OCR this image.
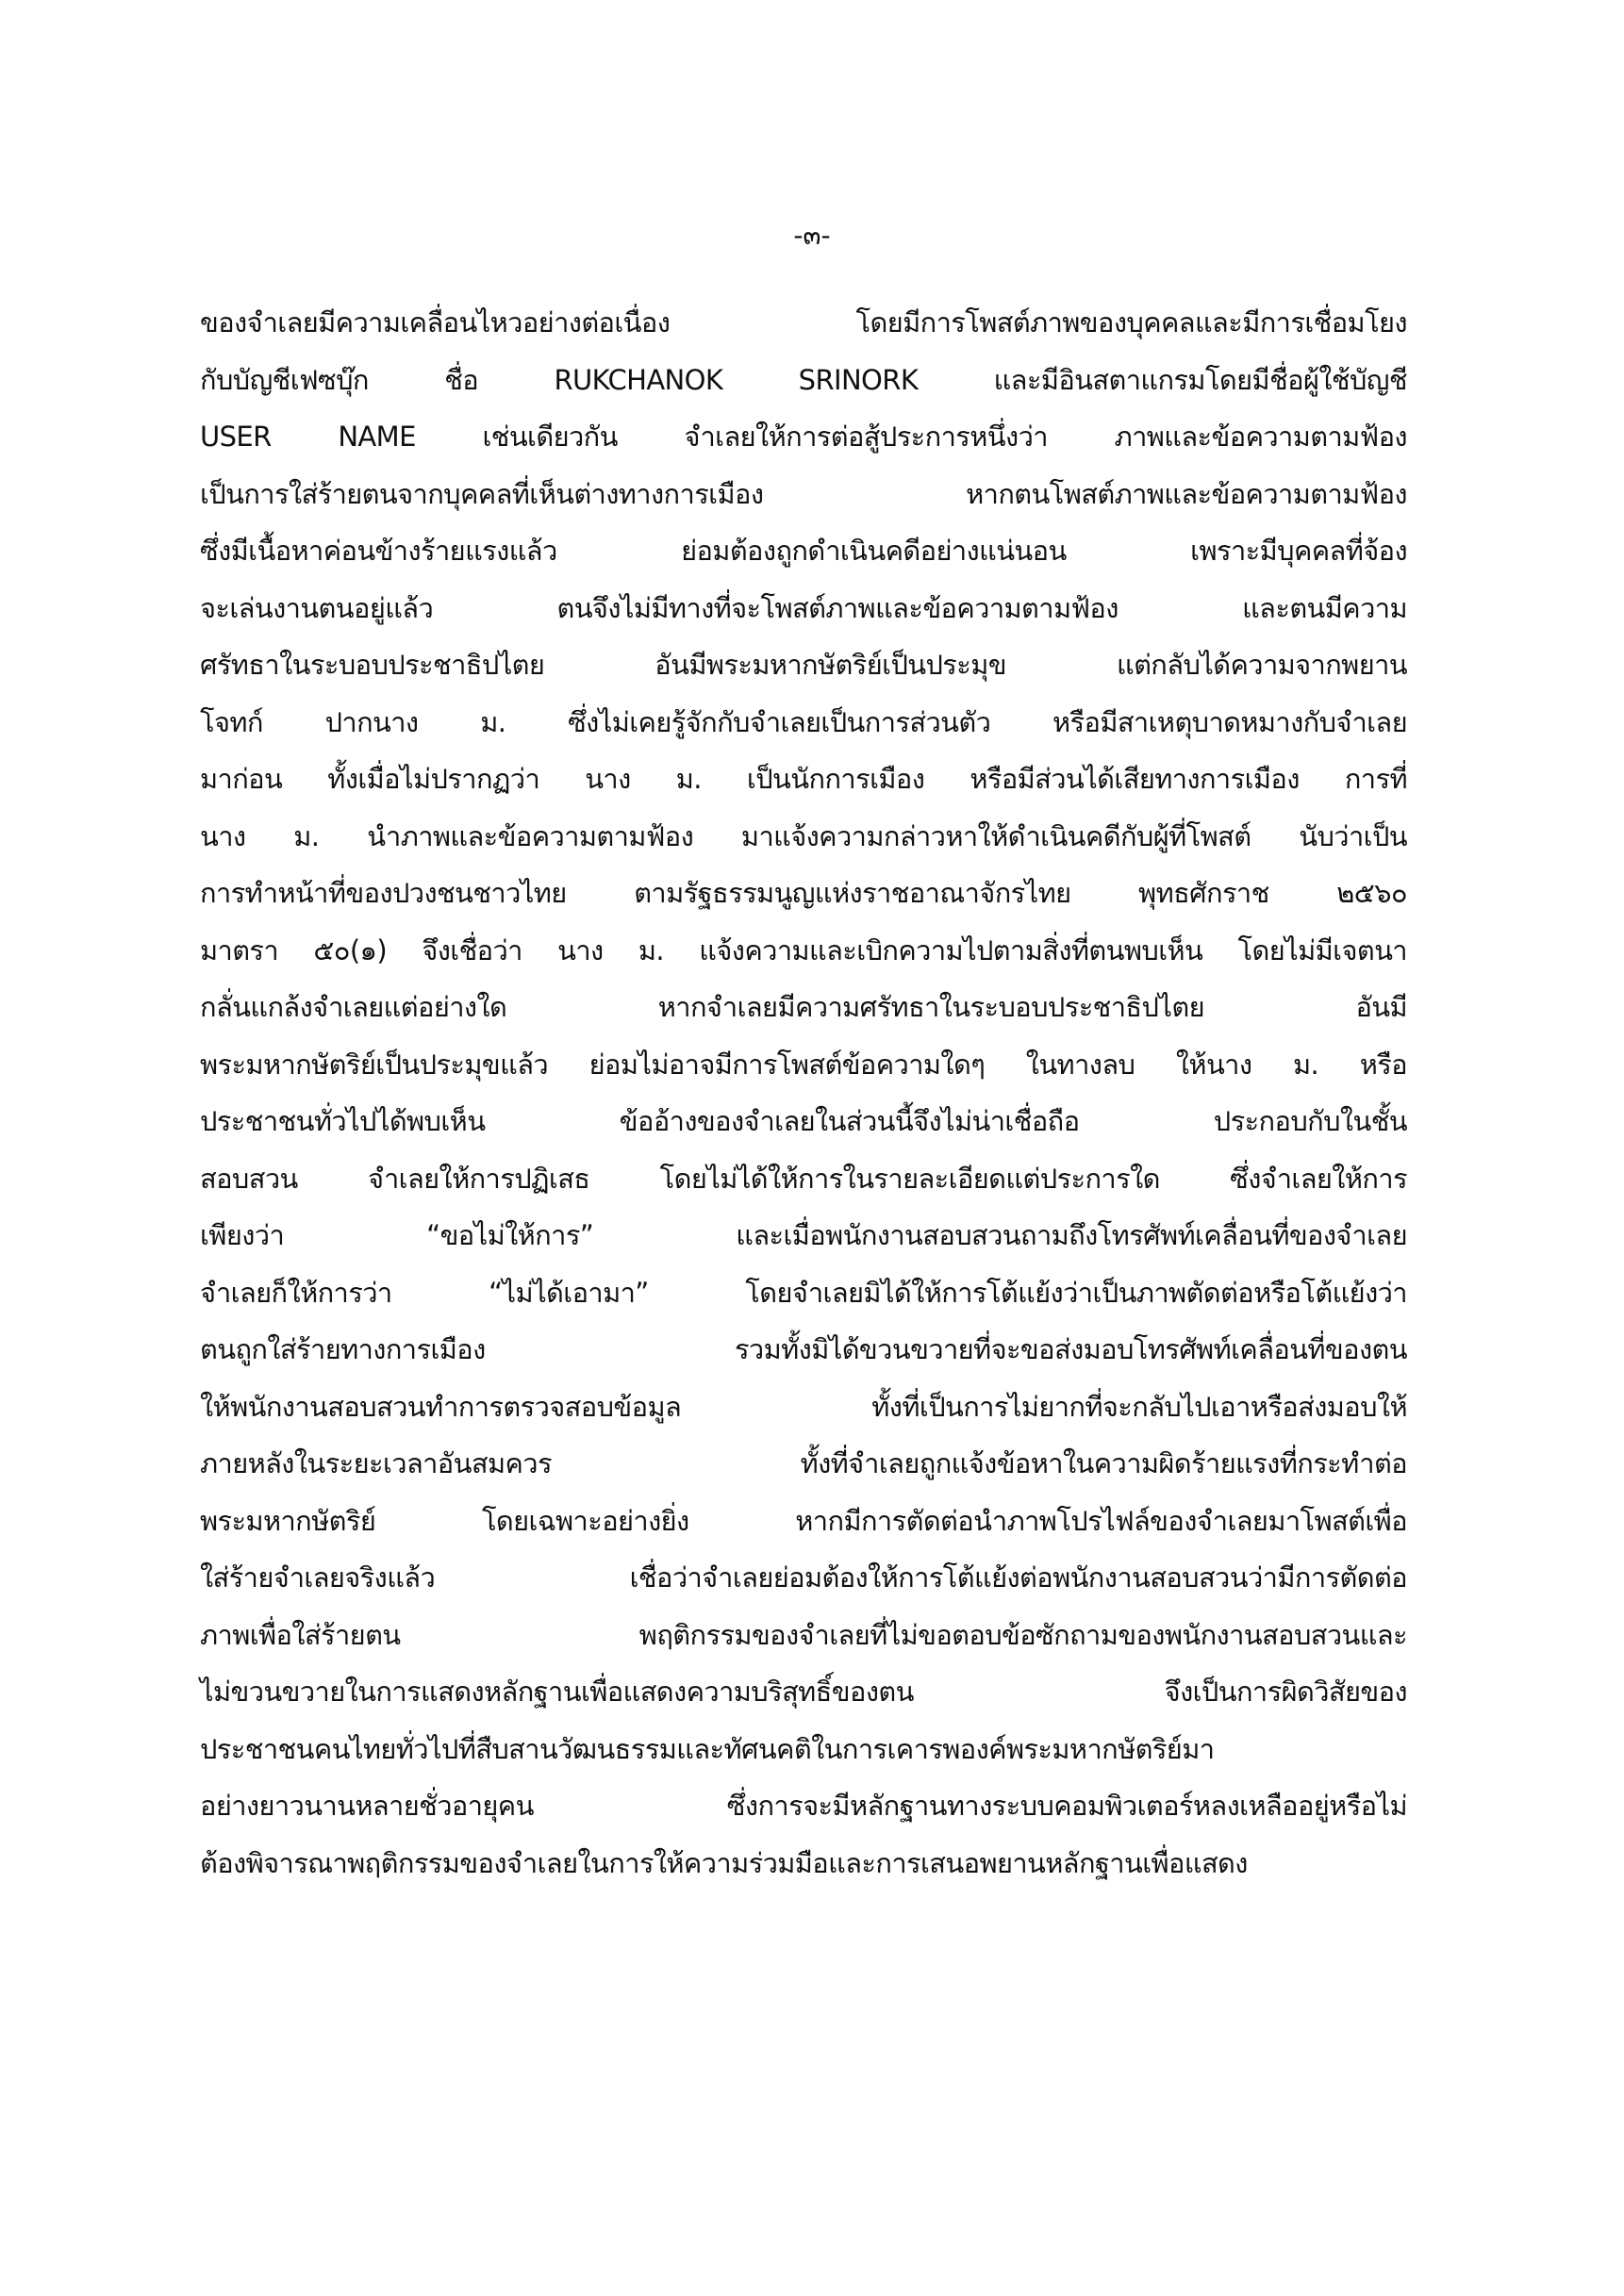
-๓-
ของจำเลยมีความเคลื่อนไหวอย่างต่อเนื่อง โดยมีการโพสต์ภาพของบุคคลและมีการเชื่อมโยง
กับบัญชีเฟซบุ๊ก ชื่อ RUKCHANOK SRINORK และมีอินสตาแกรมโดยมีชื่อผู้ใช้บัญชี
USER NAME เช่นเดียวกัน จำเลยให้การต่อสู้ประการหนึ่งว่า ภาพและข้อความตามฟ้อง
เป็นการใส่ร้ายตนจากบุคคลที่เห็นต่างทางการเมือง หากตนโพสต์ภาพและข้อความตามฟ้อง
ซึ่งมีเนื้อหาค่อนข้างร้ายแรงแล้ว ย่อมต้องถูกดำเนินคดีอย่างแน่นอน เพราะมีบุคคลที่จ้อง
จะเล่นงานตนอยู่แล้ว ตนจึงไม่มีทางที่จะโพสต์ภาพและข้อความตามฟ้อง และตนมีความ
ศรัทธาในระบอบประชาธิปไตย อันมีพระมหากษัตริย์เป็นประมุข แต่กลับได้ความจากพยาน
โจทก์ ปากนาง ม. ซึ่งไม่เคยรู้จักกับจำเลยเป็นการส่วนตัว หรือมีสาเหตุบาดหมางกับจำเลย
มาก่อน ทั้งเมื่อไม่ปรากฏว่า นาง ม. เป็นนักการเมือง หรือมีส่วนได้เสียทางการเมือง การที่
นาง ม. นำภาพและข้อความตามฟ้อง มาแจ้งความกล่าวหาให้ดำเนินคดีกับผู้ที่โพสต์ นับว่าเป็น
การทำหน้าที่ของปวงชนชาวไทย ตามรัฐธรรมนูญแห่งราชอาณาจักรไทย พุทธศักราช ๒๕๖๐
มาตรา ๕๐(๑) จึงเชื่อว่า นาง ม. แจ้งความและเบิกความไปตามสิ่งที่ตนพบเห็น โดยไม่มีเจตนา
กลั่นแกล้งจำเลยแต่อย่างใด หากจำเลยมีความศรัทธาในระบอบประชาธิปไตย อันมี
พระมหากษัตริย์เป็นประมุขแล้ว ย่อมไม่อาจมีการโพสต์ข้อความใดๆ ในทางลบ ให้นาง ม. หรือ
ประชาชนทั่วไปได้พบเห็น ข้ออ้างของจำเลยในส่วนนี้จึงไม่น่าเชื่อถือ ประกอบกับในชั้น
สอบสวน จำเลยให้การปฏิเสธ โดยไม่ได้ให้การในรายละเอียดแต่ประการใด ซึ่งจำเลยให้การ
เพียงว่า “ขอไม่ให้การ” และเมื่อพนักงานสอบสวนถามถึงโทรศัพท์เคลื่อนที่ของจำเลย
จำเลยก็ให้การว่า “ไม่ได้เอามา” โดยจำเลยมิได้ให้การโต้แย้งว่าเป็นภาพตัดต่อหรือโต้แย้งว่า
ตนถูกใส่ร้ายทางการเมือง รวมทั้งมิได้ขวนขวายที่จะขอส่งมอบโทรศัพท์เคลื่อนที่ของตน
ให้พนักงานสอบสวนทำการตรวจสอบข้อมูล ทั้งที่เป็นการไม่ยากที่จะกลับไปเอาหรือส่งมอบให้
ภายหลังในระยะเวลาอันสมควร ทั้งที่จำเลยถูกแจ้งข้อหาในความผิดร้ายแรงที่กระทำต่อ
พระมหากษัตริย์ โดยเฉพาะอย่างยิ่ง หากมีการตัดต่อนำภาพโปรไฟล์ของจำเลยมาโพสต์เพื่อ
ใส่ร้ายจำเลยจริงแล้ว เชื่อว่าจำเลยย่อมต้องให้การโต้แย้งต่อพนักงานสอบสวนว่ามีการตัดต่อ
ภาพเพื่อใส่ร้ายตน พฤติกรรมของจำเลยที่ไม่ขอตอบข้อซักถามของพนักงานสอบสวนและ
ไม่ขวนขวายในการแสดงหลักฐานเพื่อแสดงความบริสุทธิ์ของตน จึงเป็นการผิดวิสัยของ
ประชาชนคนไทยทั่วไปที่สืบสานวัฒนธรรมและทัศนคติในการเคารพองค์พระมหากษัตริย์มา
อย่างยาวนานหลายชั่วอายุคน ซึ่งการจะมีหลักฐานทางระบบคอมพิวเตอร์หลงเหลืออยู่หรือไม่
ต้องพิจารณาพฤติกรรมของจำเลยในการให้ความร่วมมือและการเสนอพยานหลักฐานเพื่อแสดง
